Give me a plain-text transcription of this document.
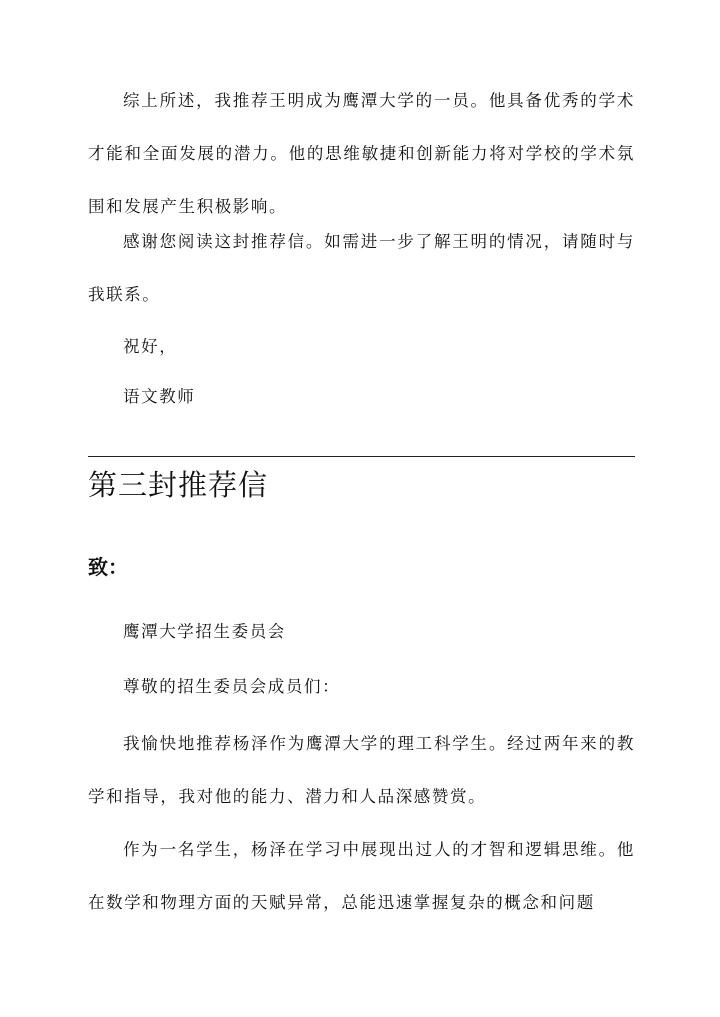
综上所述，我推荐王明成为鹰潭大学的一员。他具备优秀的学术才能和全面发展的潜力。他的思维敏捷和创新能力将对学校的学术氛围和发展产生积极影响。

感谢您阅读这封推荐信。如需进一步了解王明的情况，请随时与我联系。

祝好，

语文教师

第三封推荐信
致：

鹰潭大学招生委员会

尊敬的招生委员会成员们：

我愉快地推荐杨泽作为鹰潭大学的理工科学生。经过两年来的教学和指导，我对他的能力、潜力和人品深感赞赏。

作为一名学生，杨泽在学习中展现出过人的才智和逻辑思维。他在数学和物理方面的天赋异常，总能迅速掌握复杂的概念和问题
